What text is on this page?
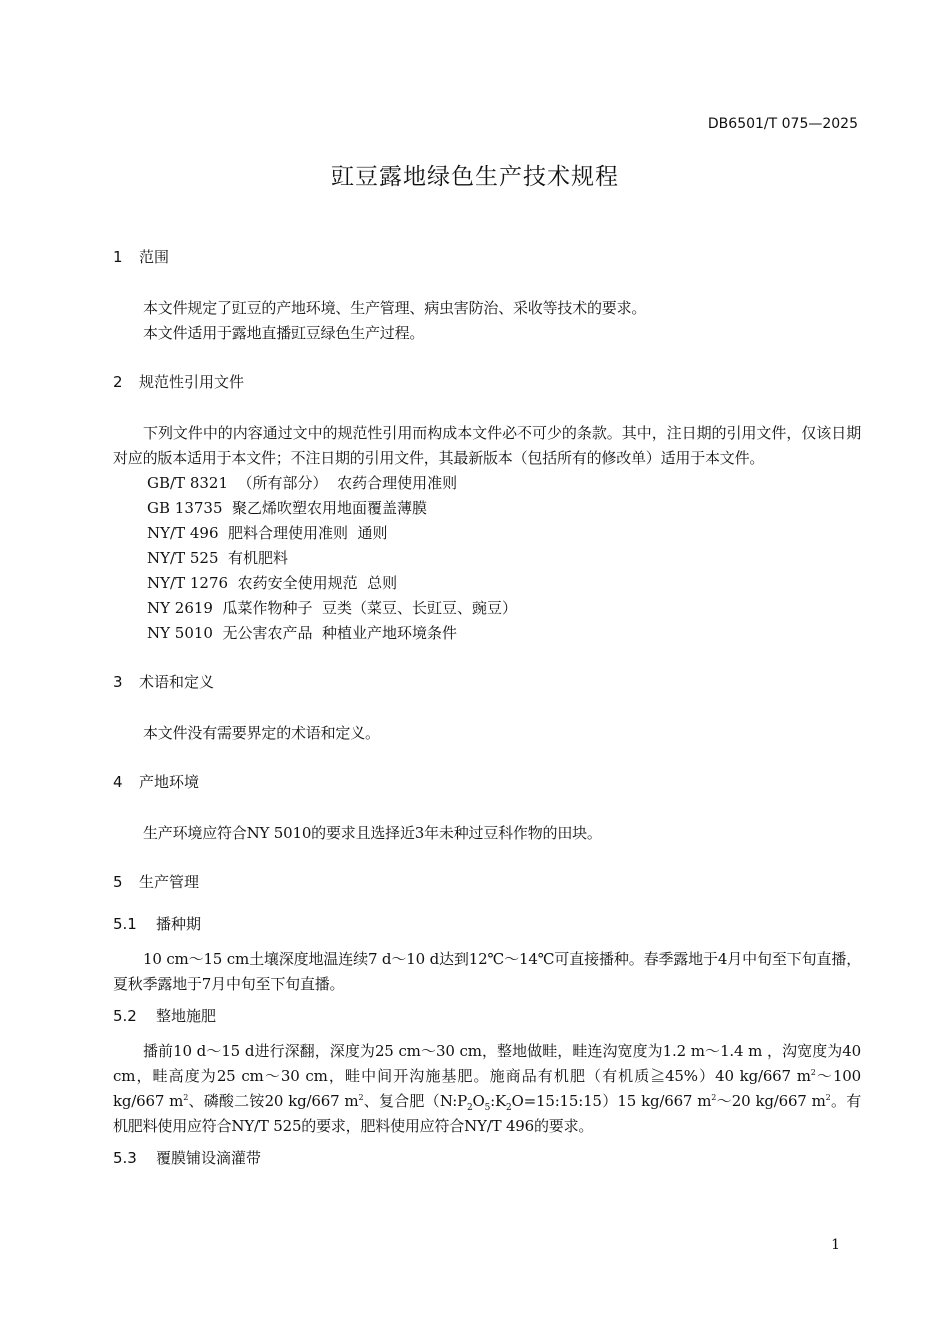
DB6501/T 075—2025
豇豆露地绿色生产技术规程
1 范围

本文件规定了豇豆的产地环境、生产管理、病虫害防治、采收等技术的要求。

本文件适用于露地直播豇豆绿色生产过程。

2 规范性引用文件

下列文件中的内容通过文中的规范性引用而构成本文件必不可少的条款。其中，注日期的引用文件，仅该日期对应的版本适用于本文件；不注日期的引用文件，其最新版本（包括所有的修改单）适用于本文件。

GB/T 8321  （所有部分）  农药合理使用准则
GB 13735  聚乙烯吹塑农用地面覆盖薄膜
NY/T 496  肥料合理使用准则  通则
NY/T 525  有机肥料
NY/T 1276  农药安全使用规范  总则
NY 2619  瓜菜作物种子  豆类（菜豆、长豇豆、豌豆）
NY 5010  无公害农产品  种植业产地环境条件
3 术语和定义

本文件没有需要界定的术语和定义。

4 产地环境

生产环境应符合NY 5010的要求且选择近3年未种过豆科作物的田块。

5 生产管理
5.1 播种期

10 cm～15 cm土壤深度地温连续7 d～10 d达到12℃～14℃可直接播种。春季露地于4月中旬至下旬直播，夏秋季露地于7月中旬至下旬直播。

5.2 整地施肥

播前10 d～15 d进行深翻，深度为25 cm～30 cm，整地做畦，畦连沟宽度为1.2 m～1.4 m ，沟宽度为40 cm，畦高度为25 cm～30 cm，畦中间开沟施基肥。施商品有机肥（有机质≧45%）40 kg/667 $m^2\sim 100$ kg/667 $m^2$、磷酸二铵20 kg/667 $m^2$、复合肥$(N:P_2O_5:K_2O=15:15:15)15$ kg/667 $m^2\sim 20$ kg/667 $m^2$。有机肥料使用应符合NY/T 525的要求，肥料使用应符合NY/T 496的要求。

5.3 覆膜铺设滴灌带
1
